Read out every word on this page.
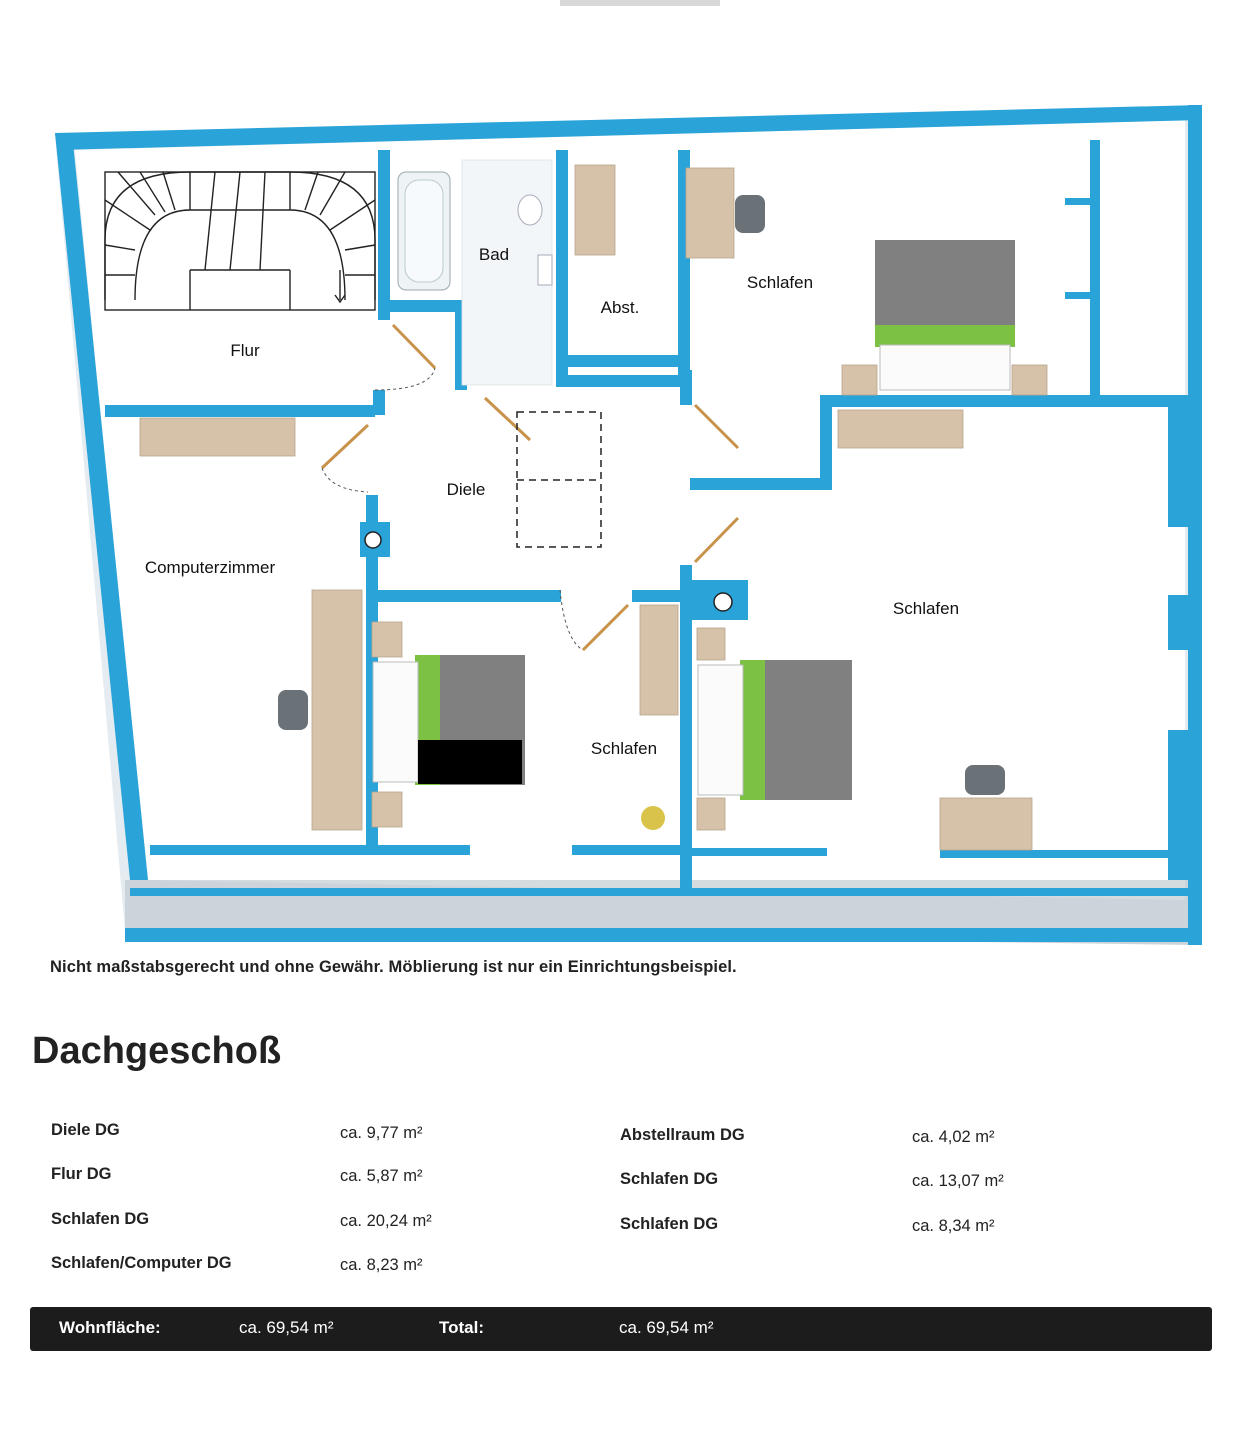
Flur
Bad
Abst.
Schlafen
Diele
Computerzimmer
Schlafen
Schlafen
Nicht maßstabsgerecht und ohne Gewähr. Möblierung ist nur ein Einrichtungsbeispiel.
Dachgeschoß
Diele DG	ca. 9,77 m²
Flur DG	ca. 5,87 m²
Schlafen DG	ca. 20,24 m²
Schlafen/Computer DG	ca. 8,23 m²
Abstellraum DG	ca. 4,02 m²
Schlafen DG	ca. 13,07 m²
Schlafen DG	ca. 8,34 m²
Wohnfläche:	ca. 69,54 m²	Total:	ca. 69,54 m²
